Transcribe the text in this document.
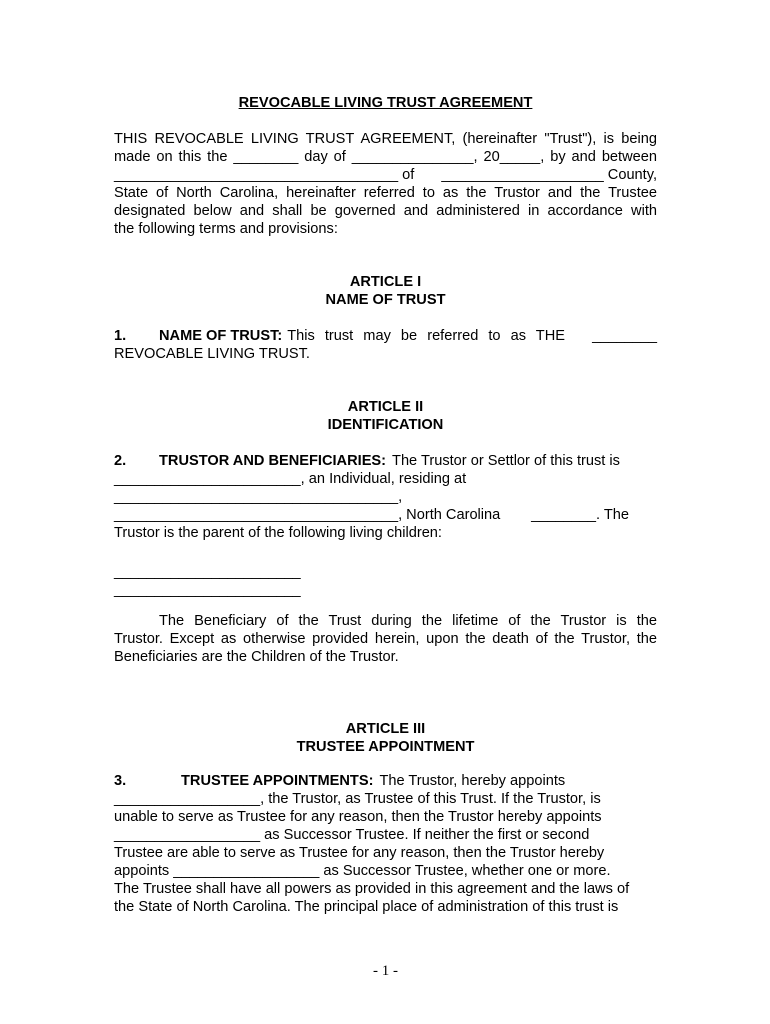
REVOCABLE LIVING TRUST AGREEMENT
THIS REVOCABLE LIVING TRUST AGREEMENT, (hereinafter "Trust"), is being
made on this the ________ day of _______________, 20_____, by and between
___________________________________ of ____________________ County,
State of North Carolina, hereinafter referred to as the Trustor and the Trustee
designated below and shall be governed and administered in accordance with
the following terms and provisions:
ARTICLE I
NAME OF TRUST
1.	NAME OF TRUST: This trust may be referred to as THE ________
REVOCABLE LIVING TRUST.
ARTICLE II
IDENTIFICATION
2.	TRUSTOR AND BENEFICIARIES: The Trustor or Settlor of this trust is
_______________________, an Individual, residing at
___________________________________,
___________________________________, North Carolina ________. The
Trustor is the parent of the following living children:
_______________________
_______________________
The Beneficiary of the Trust during the lifetime of the Trustor is the
Trustor. Except as otherwise provided herein, upon the death of the Trustor, the
Beneficiaries are the Children of the Trustor.
ARTICLE III
TRUSTEE APPOINTMENT
3.	TRUSTEE APPOINTMENTS: The Trustor, hereby appoints
__________________, the Trustor, as Trustee of this Trust. If the Trustor, is
unable to serve as Trustee for any reason, then the Trustor hereby appoints
__________________ as Successor Trustee. If neither the first or second
Trustee are able to serve as Trustee for any reason, then the Trustor hereby
appoints __________________ as Successor Trustee, whether one or more.
The Trustee shall have all powers as provided in this agreement and the laws of
the State of North Carolina. The principal place of administration of this trust is
- 1 -
